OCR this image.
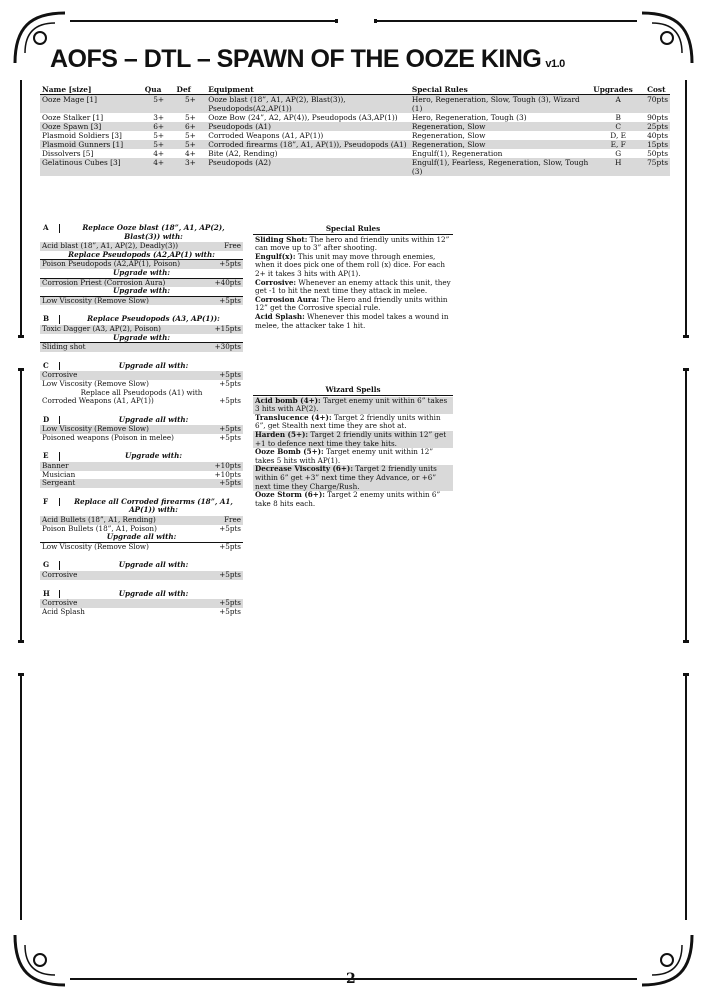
AOFS – DTL – SPAWN OF THE OOZE KING v1.0
Name [size]	Qua	Def	Equipment	Special Rules	Upgrades	Cost
Ooze Mage [1]	5+	5+	Ooze blast (18”, A1, AP(2), Blast(3)), Pseudopods(A2,AP(1))	Hero, Regeneration, Slow, Tough (3), Wizard (1)	A	70pts
Ooze Stalker [1]	3+	5+	Ooze Bow (24”, A2, AP(4)), Pseudopods (A3,AP(1))	Hero, Regeneration, Tough (3)	B	90pts
Ooze Spawn [3]	6+	6+	Pseudopods (A1)	Regeneration, Slow	C	25pts
Plasmoid Soldiers [3]	5+	5+	Corroded Weapons (A1, AP(1))	Regeneration, Slow	D, E	40pts
Plasmoid Gunners [1]	5+	5+	Corroded firearms (18”, A1, AP(1)), Pseudopods (A1)	Regeneration, Slow	E, F	15pts
Dissolvers [5]	4+	4+	Bite (A2, Rending)	Engulf(1), Regeneration	G	50pts
Gelatinous Cubes [3]	4+	3+	Pseudopods (A2)	Engulf(1), Fearless, Regeneration, Slow, Tough (3)	H	75pts
A	Replace Ooze blast (18”, A1, AP(2), Blast(3)) with:
Acid blast (18”, A1, AP(2), Deadly(3))	Free
Replace Pseudopods (A2,AP(1) with:
Poison Pseudopods (A2,AP(1), Poison)	+5pts
Upgrade with:
Corrosion Priest (Corrosion Aura)	+40pts
Upgrade with:
Low Viscosity (Remove Slow)	+5pts
B	Replace Pseudopods (A3, AP(1)):
Toxic Dagger (A3, AP(2), Poison)	+15pts
Upgrade with:
Sliding shot	+30pts
C	Upgrade all with:
Corrosive	+5pts
Low Viscosity (Remove Slow)	+5pts
Replace all Pseudopods (A1) with
Corroded Weapons (A1, AP(1))	+5pts
D	Upgrade all with:
Low Viscosity (Remove Slow)	+5pts
Poisoned weapons (Poison in melee)	+5pts
E	Upgrade with:
Banner	+10pts
Musician	+10pts
Sergeant	+5pts
F	Replace all Corroded firearms (18”, A1, AP(1)) with:
Acid Bullets (18”, A1, Rending)	Free
Poison Bullets (18”, A1, Poison)	+5pts
Upgrade all with:
Low Viscosity (Remove Slow)	+5pts
G	Upgrade all with:
Corrosive	+5pts
H	Upgrade all with:
Corrosive	+5pts
Acid Splash	+5pts
Special Rules
Sliding Shot: The hero and friendly units within 12” can move up to 3” after shooting.
Engulf(x): This unit may move through enemies, when it does pick one of them roll (x) dice. For each 2+ it takes 3 hits with AP(1).
Corrosive: Whenever an enemy attack this unit, they get -1 to hit the next time they attack in melee.
Corrosion Aura: The Hero and friendly units within 12” get the Corrosive special rule.
Acid Splash: Whenever this model takes a wound in melee, the attacker take 1 hit.
Wizard Spells
Acid bomb (4+): Target enemy unit within 6” takes 3 hits with AP(2).
Translucence (4+): Target 2 friendly units within 6”, get Stealth next time they are shot at.
Harden (5+): Target 2 friendly units within 12” get +1 to defence next time they take hits.
Ooze Bomb (5+): Target enemy unit within 12” takes 5 hits with AP(1).
Decrease Viscosity (6+): Target 2 friendly units within 6” get +3” next time they Advance, or +6” next time they Charge/Rush.
Ooze Storm (6+): Target 2 enemy units within 6” take 8 hits each.
2
